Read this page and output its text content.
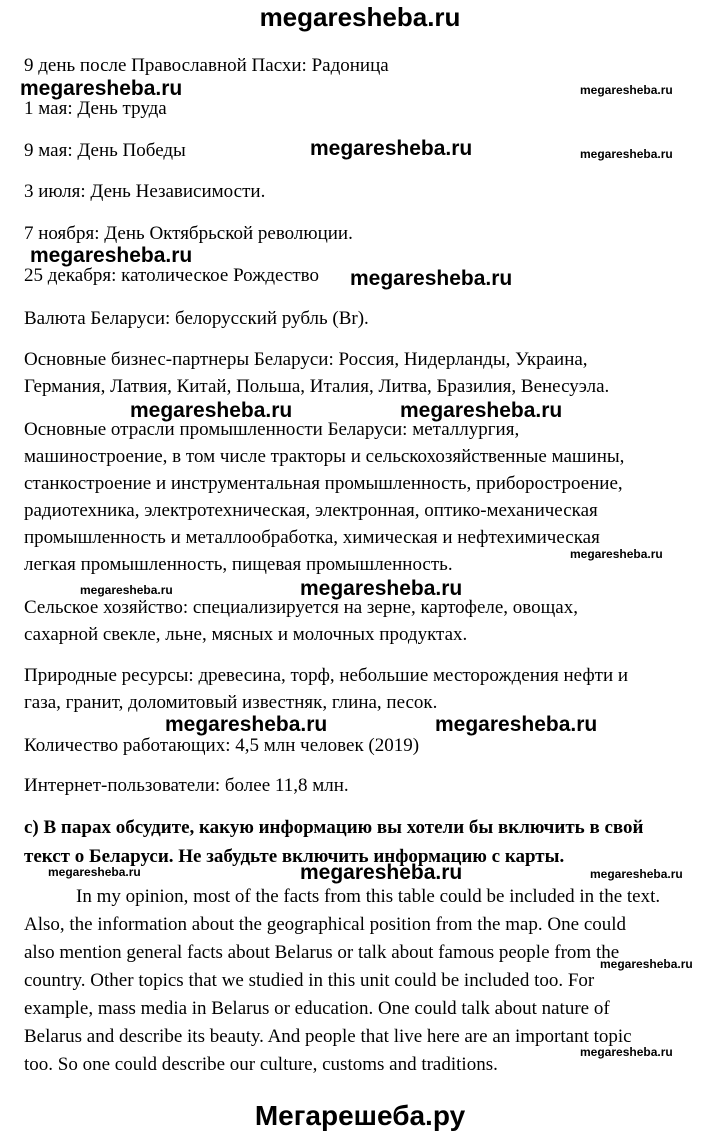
megaresheba.ru
9 день после Православной Пасхи: Радоница
1 мая: День труда
9 мая: День Победы
3 июля: День Независимости.
7 ноября: День Октябрьской революции.
25 декабря: католическое Рождество
Валюта Беларуси: белорусский рубль (Br).
Основные бизнес-партнеры Беларуси: Россия, Нидерланды, Украина,
Германия, Латвия, Китай, Польша, Италия, Литва, Бразилия, Венесуэла.
Основные отрасли промышленности Беларуси: металлургия,
машиностроение, в том числе тракторы и сельскохозяйственные машины,
станкостроение и инструментальная промышленность, приборостроение,
радиотехника, электротехническая, электронная, оптико-механическая
промышленность и металлообработка, химическая и нефтехимическая
легкая промышленность, пищевая промышленность.
Сельское хозяйство: специализируется на зерне, картофеле, овощах,
сахарной свекле, льне, мясных и молочных продуктах.
Природные ресурсы: древесина, торф, небольшие месторождения нефти и
газа, гранит, доломитовый известняк, глина, песок.
Количество работающих: 4,5 млн человек (2019)
Интернет-пользователи: более 11,8 млн.
с) В парах обсудите, какую информацию вы хотели бы включить в свой
текст о Беларуси. Не забудьте включить информацию с карты.
In my opinion, most of the facts from this table could be included in the text.
Also, the information about the geographical position from the map. One could
also mention general facts about Belarus or talk about famous people from the
country. Other topics that we studied in this unit could be included too. For
example, mass media in Belarus or education. One could talk about nature of
Belarus and describe its beauty. And people that live here are an important topic
too. So one could describe our culture, customs and traditions.
megaresheba.ru	megaresheba.ru
megaresheba.ru	megaresheba.ru
megaresheba.ru
megaresheba.ru
megaresheba.ru	megaresheba.ru
megaresheba.ru
megaresheba.ru	megaresheba.ru
megaresheba.ru	megaresheba.ru
megaresheba.ru	megaresheba.ru	megaresheba.ru
megaresheba.ru
megaresheba.ru
Мегарешеба.ру
